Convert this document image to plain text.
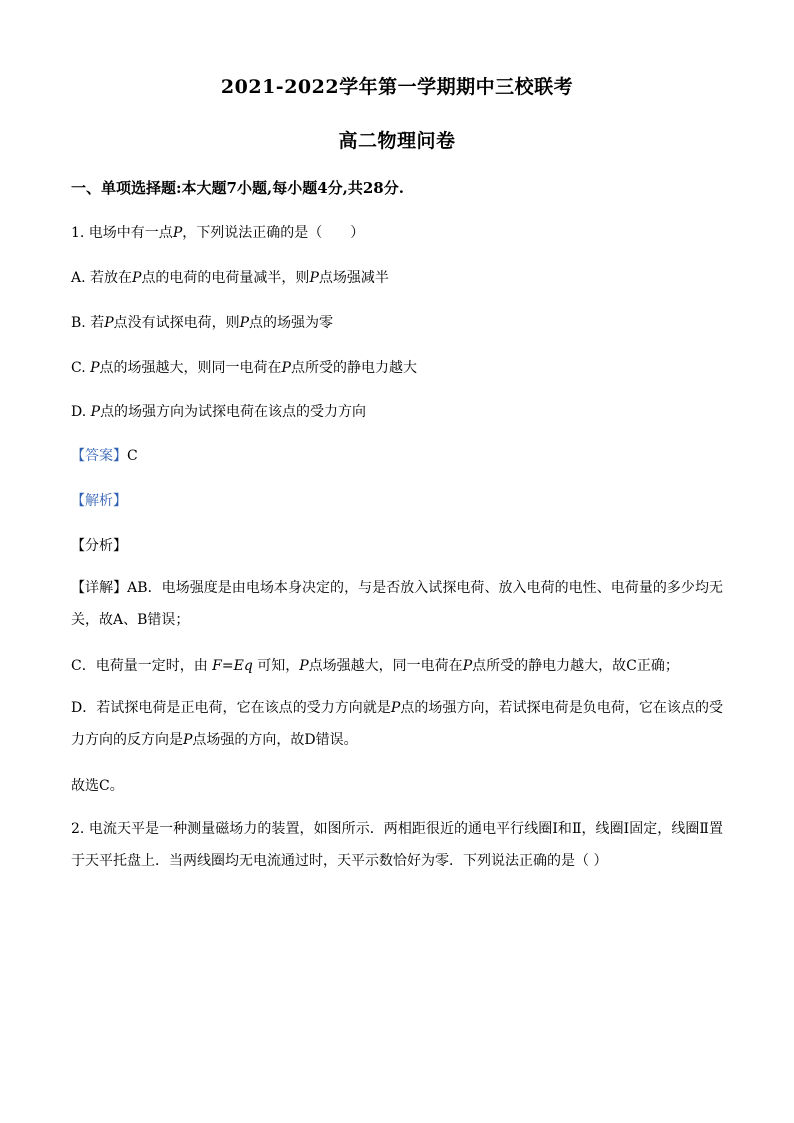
2021-2022学年第一学期期中三校联考
高二物理问卷
一、单项选择题:本大题7小题,每小题4分,共28分.
1. 电场中有一点P，下列说法正确的是（　　）
A. 若放在P点的电荷的电荷量减半，则P点场强减半
B. 若P点没有试探电荷，则P点的场强为零
C. P点的场强越大，则同一电荷在P点所受的静电力越大
D. P点的场强方向为试探电荷在该点的受力方向
【答案】C
【解析】
【分析】
【详解】AB．电场强度是由电场本身决定的，与是否放入试探电荷、放入电荷的电性、电荷量的多少均无关，故A、B错误；
C．电荷量一定时，由 F=Eq 可知，P点场强越大，同一电荷在P点所受的静电力越大，故C正确；
D．若试探电荷是正电荷，它在该点的受力方向就是P点的场强方向，若试探电荷是负电荷，它在该点的受力方向的反方向是P点场强的方向，故D错误。
故选C。
2. 电流天平是一种测量磁场力的装置，如图所示．两相距很近的通电平行线圈Ⅰ和Ⅱ，线圈Ⅰ固定，线圈Ⅱ置于天平托盘上．当两线圈均无电流通过时，天平示数恰好为零．下列说法正确的是（ ）
